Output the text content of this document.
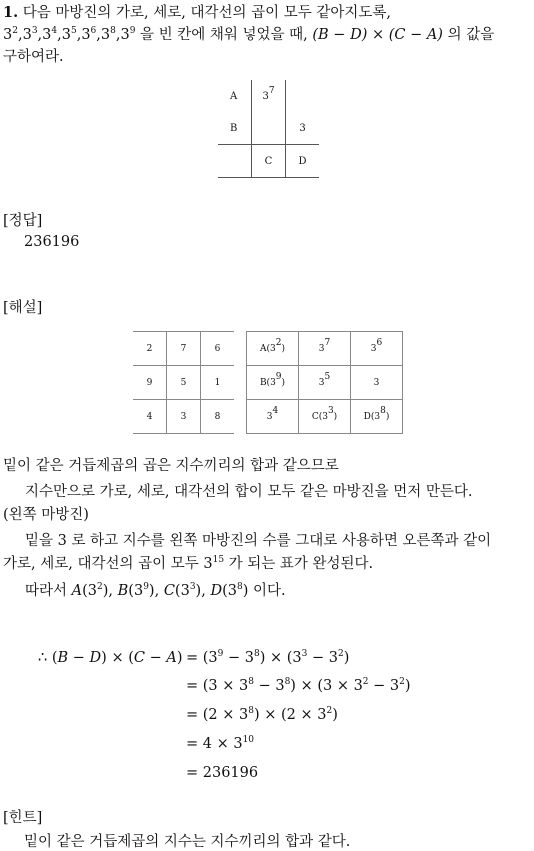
1. 다음 마방진의 가로, 세로, 대각선의 곱이 모두 같아지도록,
$3^2,3^3,3^4,3^5,3^6,3^8,3^9$ 을 빈 칸에 채워 넣었을 때, (B − D) × (C − A) 의 값을
구하여라.
A	$3^7$	
B		3
	C	D
[정답]
236196
[해설]
2	7	6
9	5	1
4	3	8
$A(3^2)$	$3^7$	$3^6$
$B(3^9)$	$3^5$	3
$3^4$	$C(3^3)$	$D(3^8)$
밑이 같은 거듭제곱의 곱은 지수끼리의 합과 같으므로
지수만으로 가로, 세로, 대각선의 합이 모두 같은 마방진을 먼저 만든다.
(왼쪽 마방진)
밑을 3 로 하고 지수를 왼쪽 마방진의 수를 그대로 사용하면 오른쪽과 같이
가로, 세로, 대각선의 곱이 모두 $3^{15}$ 가 되는 표가 완성된다.
따라서 $A(3^2)$, $B(3^9)$, $C(3^3)$, $D(3^8)$ 이다.
∴ $(B - D) \times (C - A) = (3^9 - 3^8) \times (3^3 - 3^2)$
= $(3 \times 3^8 - 3^8) \times (3 \times 3^2 - 3^2)$
= $(2 \times 3^8) \times (2 \times 3^2)$
= $4 \times 3^{10}$
= 236196
[힌트]
밑이 같은 거듭제곱의 지수는 지수끼리의 합과 같다.
